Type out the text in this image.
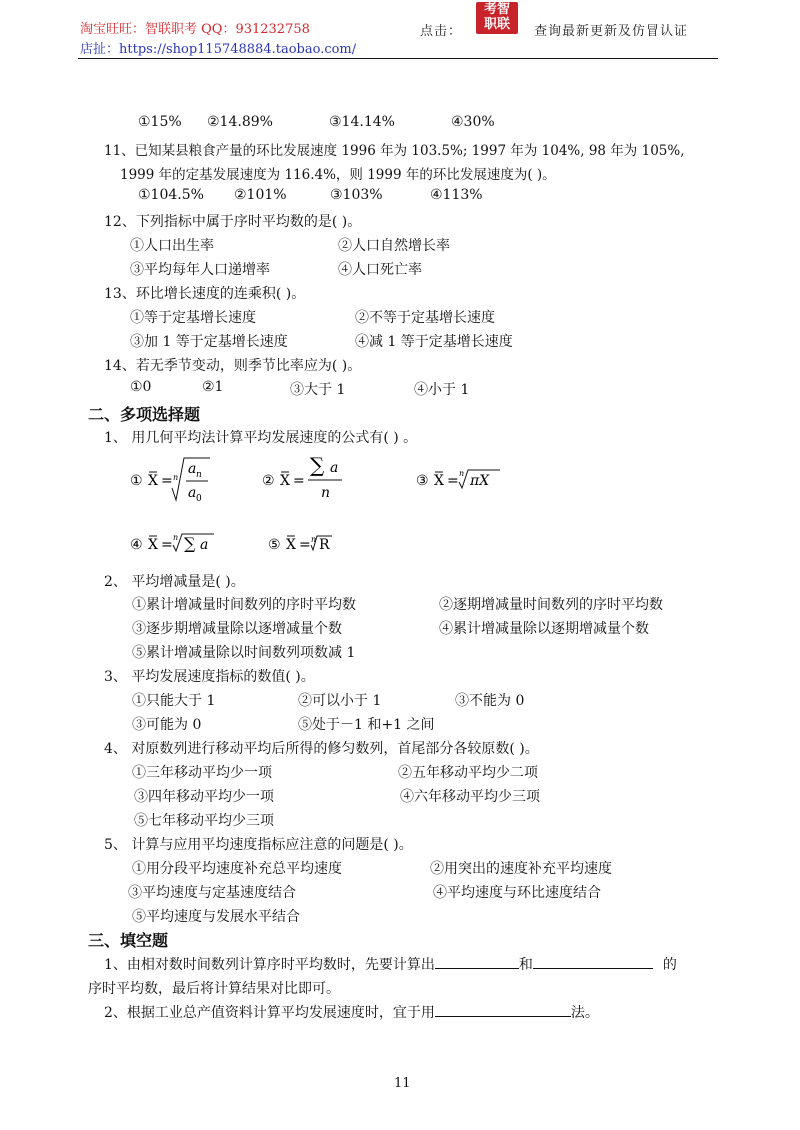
淘宝旺旺：智联职考 QQ：931232758
店扯：https://shop115748884.taobao.com/
点击：
考智
职联	查询最新更新及仿冒认证
①15% ②14.89%	③14.14%	④30%
11、已知某县粮食产量的环比发展速度 1996 年为 103.5%; 1997 年为 104%, 98 年为 105%,
1999 年的定基发展速度为 116.4%，则 1999 年的环比发展速度为( )。
①104.5% ②101%	③103%	④113%
12、下列指标中属于序时平均数的是( )。
①人口出生率	②人口自然增长率
③平均每年人口递增率	④人口死亡率
13、环比增长速度的连乘积( )。
①等于定基增长速度	②不等于定基增长速度
③加 1 等于定基增长速度	④减 1 等于定基增长速度
14、若无季节变动，则季节比率应为( )。
①0	②1	③大于 1	④小于 1
二、多项选择题
1、 用几何平均法计算平均发展速度的公式有( ) 。
① X = n
a n
a 0
② X =
∑ a
n
③ X = n πX
④ X = n ∑ a	⑤ X = n R
2、 平均增减量是( )。
①累计增减量时间数列的序时平均数	②逐期增减量时间数列的序时平均数
③逐步期增减量除以逐增减量个数	④累计增减量除以逐期增减量个数
⑤累计增减量除以时间数列项数减 1
3、 平均发展速度指标的数值( )。
①只能大于 1	②可以小于 1	③不能为 0
③可能为 0	⑤处于－1 和+1 之间
4、 对原数列进行移动平均后所得的修匀数列，首尾部分各较原数( )。
①三年移动平均少一项	②五年移动平均少二项
③四年移动平均少一项	④六年移动平均少三项
⑤七年移动平均少三项
5、 计算与应用平均速度指标应注意的问题是( )。
①用分段平均速度补充总平均速度	②用突出的速度补充平均速度
③平均速度与定基速度结合	④平均速度与环比速度结合
⑤平均速度与发展水平结合
三、填空题
1、由相对数时间数列计算序时平均数时，先要计算出	和	的
序时平均数，最后将计算结果对比即可。
2、根据工业总产值资料计算平均发展速度时，宜于用	法。
11
